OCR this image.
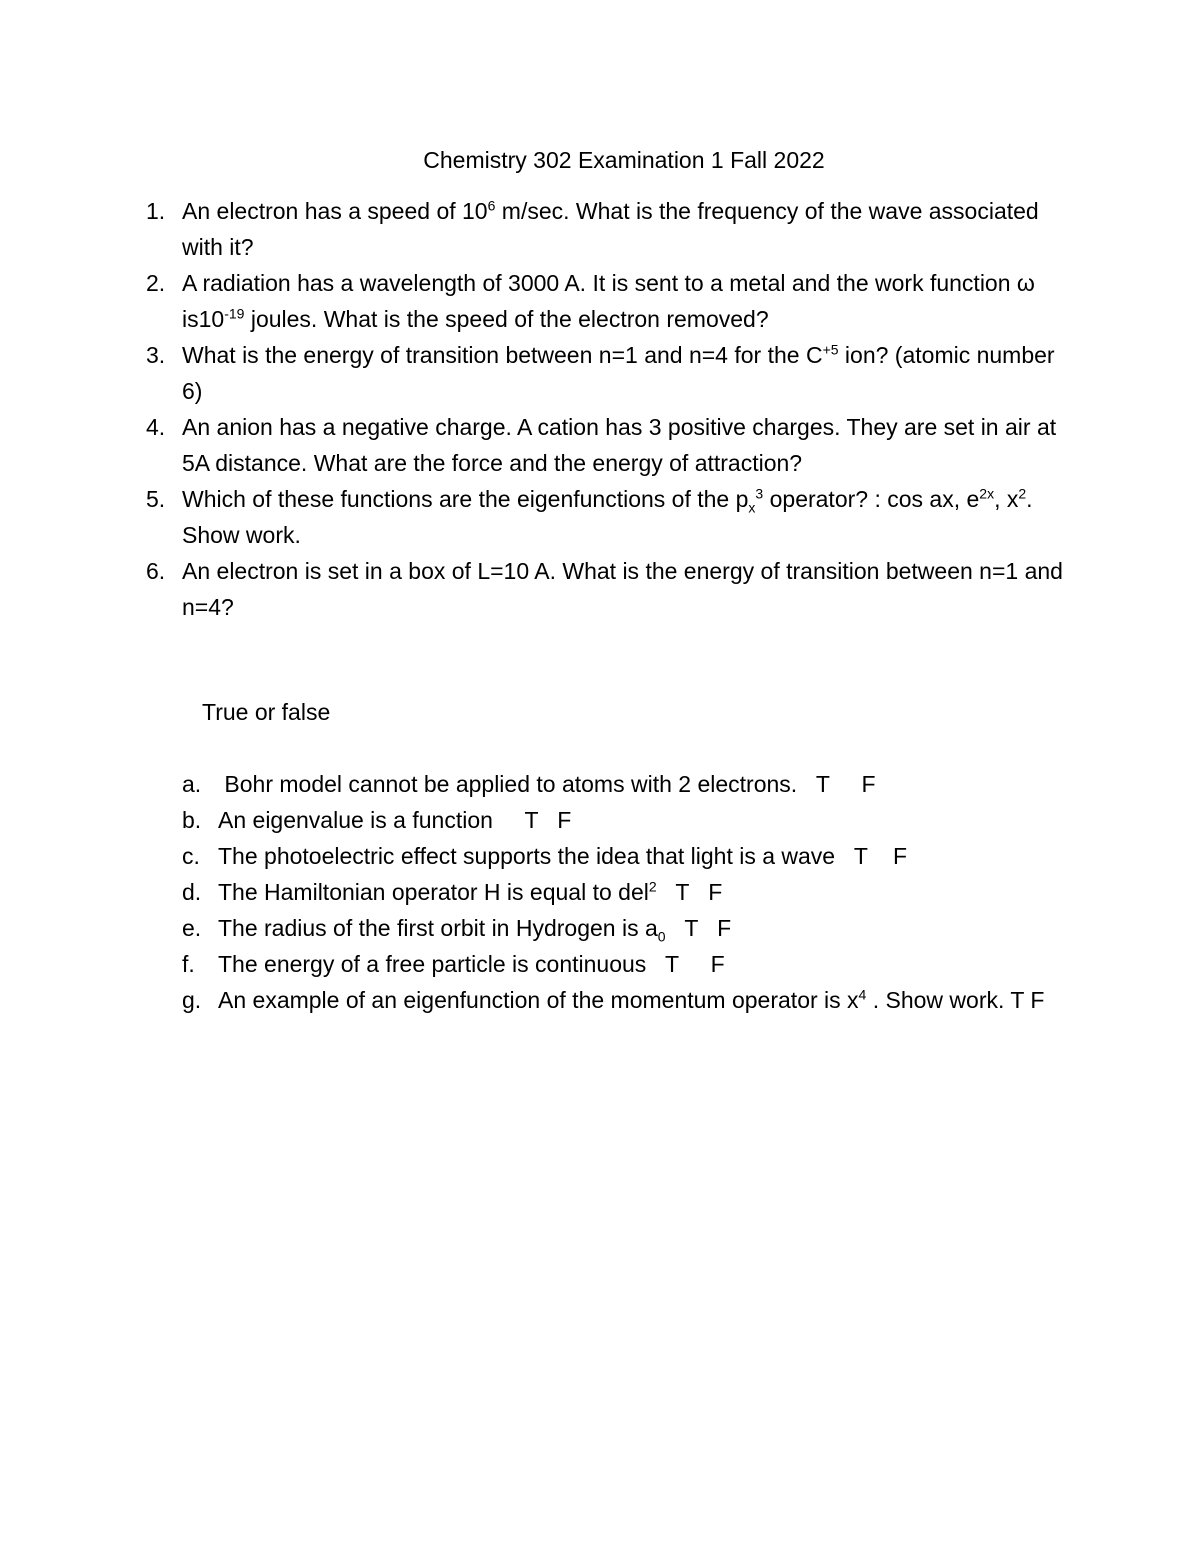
Chemistry 302 Examination 1 Fall 2022
1. An electron has a speed of $10^6$ m/sec. What is the frequency of the wave associated with it?
2. A radiation has a wavelength of 3000 A. It is sent to a metal and the work function ω $is10^{-19}$ joules. What is the speed of the electron removed?
3. What is the energy of transition between n=1 and n=4 for the $C^{+5}$ ion? (atomic number 6)
4. An anion has a negative charge. A cation has 3 positive charges. They are set in air at 5A distance. What are the force and the energy of attraction?
5. Which of these functions are the eigenfunctions of the $p_x^3$ operator? : cos ax, $e^{2x}$, $x^2$. Show work.
6. An electron is set in a box of L=10 A. What is the energy of transition between n=1 and n=4?
True or false
a. Bohr model cannot be applied to atoms with 2 electrons.   T     F
b. An eigenvalue is a function     T   F
c. The photoelectric effect supports the idea that light is a wave   T    F
d. The Hamiltonian operator H is equal to del$^2$   T   F
e. The radius of the first orbit in Hydrogen is $a_0$   T   F
f. The energy of a free particle is continuous   T     F
g. An example of an eigenfunction of the momentum operator is $x^4$ . Show work. T F
